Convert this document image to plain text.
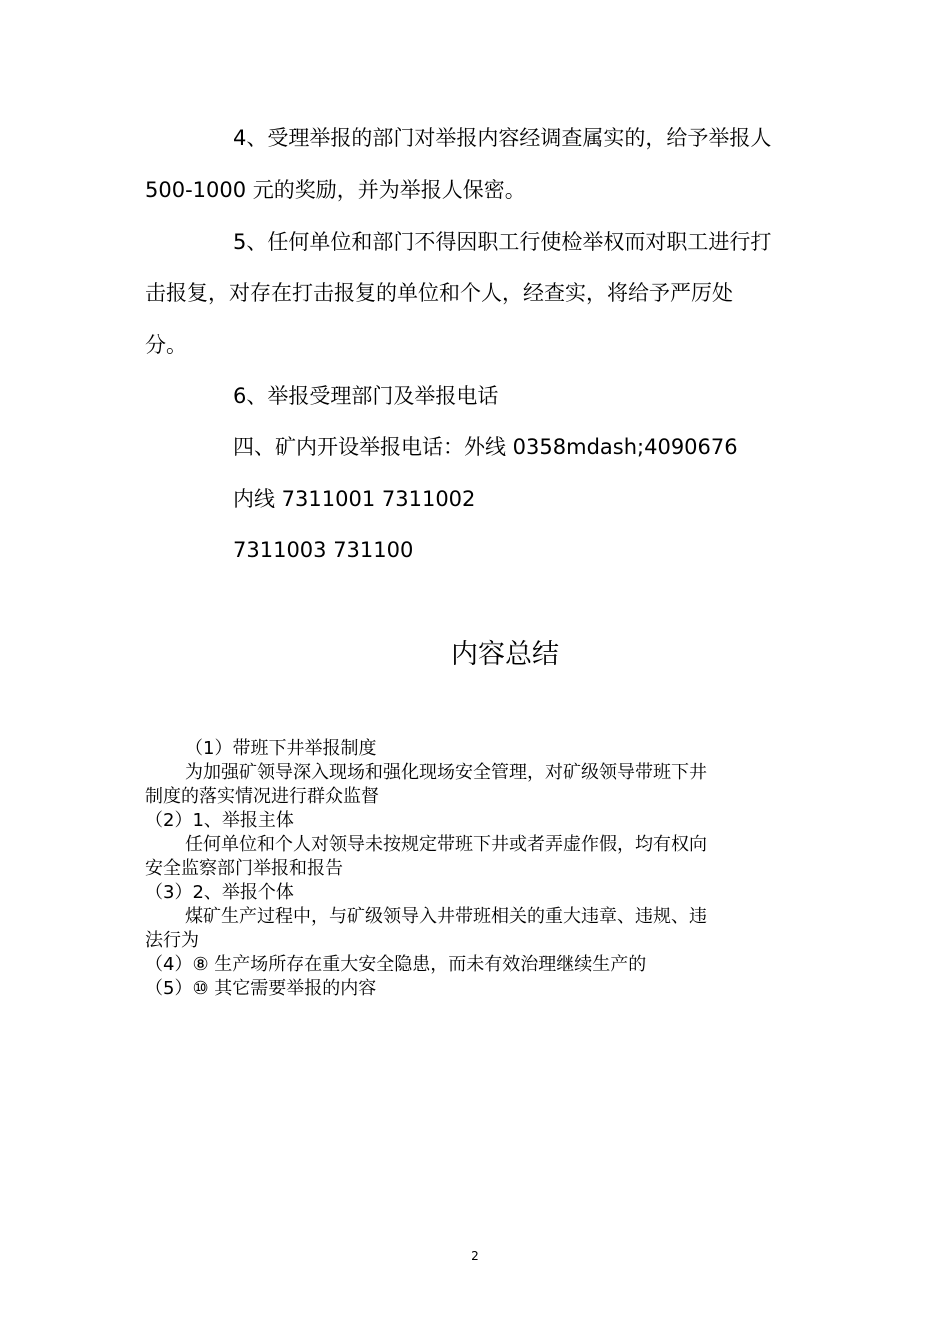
4、受理举报的部门对举报内容经调查属实的，给予举报人
500-1000 元的奖励，并为举报人保密。
5、任何单位和部门不得因职工行使检举权而对职工进行打
击报复，对存在打击报复的单位和个人，经查实，将给予严厉处
分。
6、举报受理部门及举报电话
四、矿内开设举报电话：外线 0358mdash;4090676
内线 7311001 7311002
7311003 731100
内容总结
（1）带班下井举报制度
为加强矿领导深入现场和强化现场安全管理，对矿级领导带班下井
制度的落实情况进行群众监督
（2）1、举报主体
任何单位和个人对领导未按规定带班下井或者弄虚作假，均有权向
安全监察部门举报和报告
（3）2、举报个体
煤矿生产过程中，与矿级领导入井带班相关的重大违章、违规、违
法行为
（4）⑧ 生产场所存在重大安全隐患，而未有效治理继续生产的
（5）⑩ 其它需要举报的内容
2
